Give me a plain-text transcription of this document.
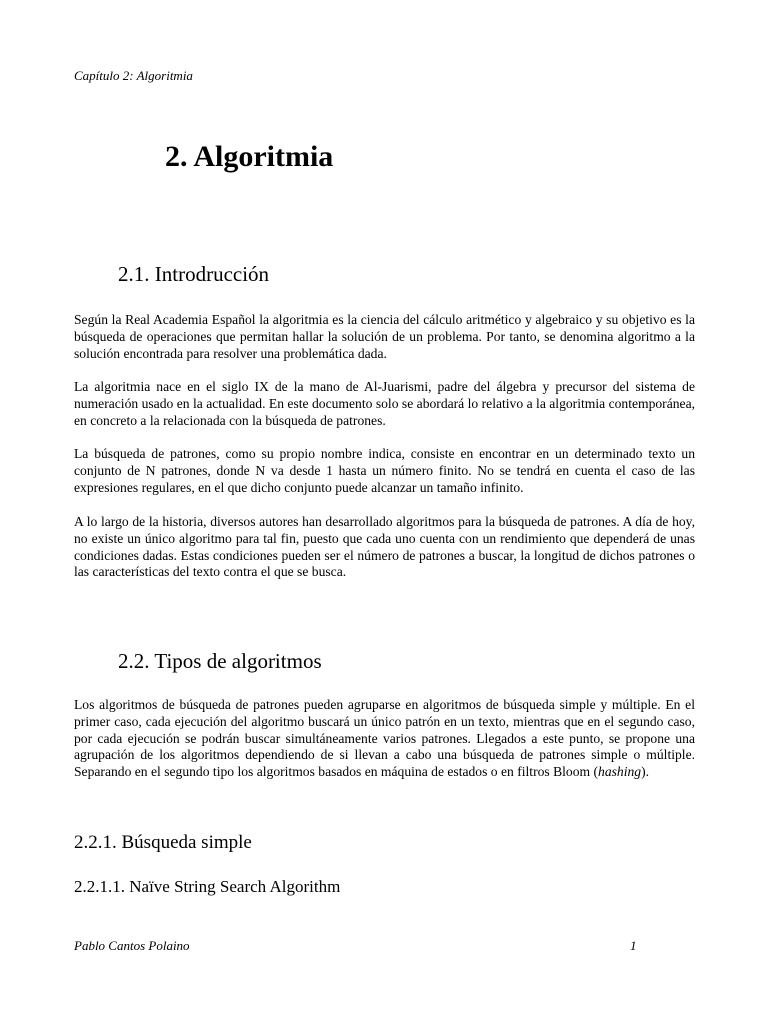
Capítulo 2: Algoritmia
2. Algoritmia
2.1. Introdrucción

Según la Real Academia Español la algoritmia es la ciencia del cálculo aritmético y algebraico y su objetivo es la búsqueda de operaciones que permitan hallar la solución de un problema. Por tanto, se denomina algoritmo a la solución encontrada para resolver una problemática dada.

La algoritmia nace en el siglo IX de la mano de Al-Juarismi, padre del álgebra y precursor del sistema de numeración usado en la actualidad. En este documento solo se abordará lo relativo a la algoritmia contemporánea, en concreto a la relacionada con la búsqueda de patrones.

La búsqueda de patrones, como su propio nombre indica, consiste en encontrar en un determinado texto un conjunto de N patrones, donde N va desde 1 hasta un número finito. No se tendrá en cuenta el caso de las expresiones regulares, en el que dicho conjunto puede alcanzar un tamaño infinito.

A lo largo de la historia, diversos autores han desarrollado algoritmos para la búsqueda de patrones. A día de hoy, no existe un único algoritmo para tal fin, puesto que cada uno cuenta con un rendimiento que dependerá de unas condiciones dadas. Estas condiciones pueden ser el número de patrones a buscar, la longitud de dichos patrones o las características del texto contra el que se busca.

2.2. Tipos de algoritmos

Los algoritmos de búsqueda de patrones pueden agruparse en algoritmos de búsqueda simple y múltiple. En el primer caso, cada ejecución del algoritmo buscará un único patrón en un texto, mientras que en el segundo caso, por cada ejecución se podrán buscar simultáneamente varios patrones. Llegados a este punto, se propone una agrupación de los algoritmos dependiendo de si llevan a cabo una búsqueda de patrones simple o múltiple. Separando en el segundo tipo los algoritmos basados en máquina de estados o en filtros Bloom (hashing).

2.2.1. Búsqueda simple
2.2.1.1. Naïve String Search Algorithm
Pablo Cantos Polaino	1
